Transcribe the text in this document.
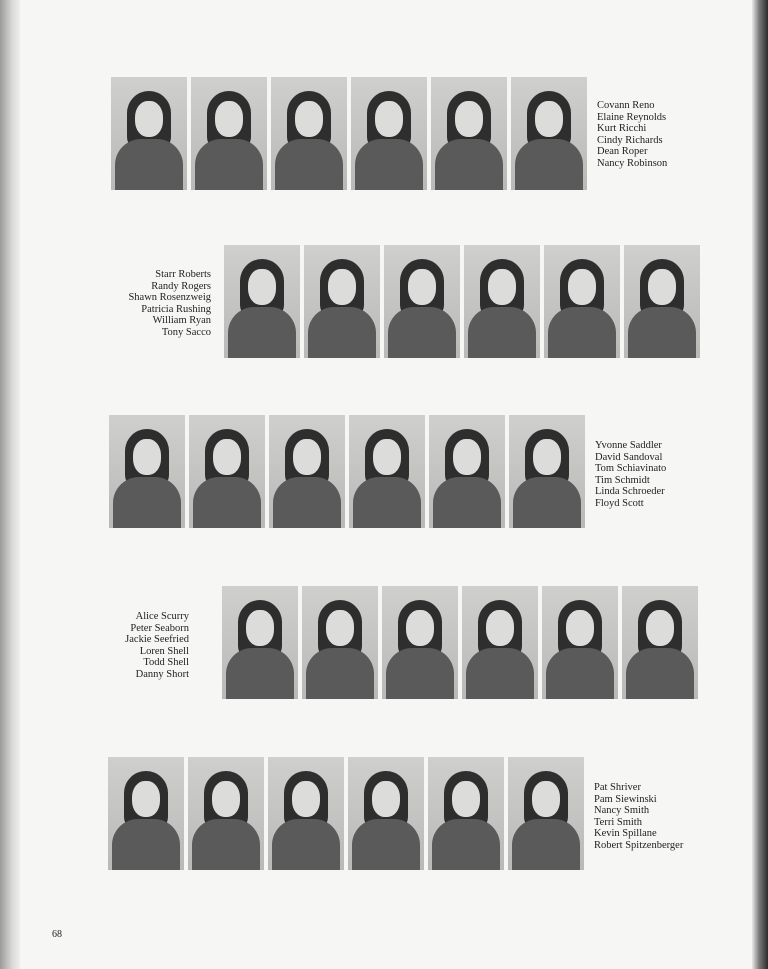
Covann Reno
Elaine Reynolds
Kurt Ricchi
Cindy Richards
Dean Roper
Nancy Robinson
Starr Roberts
Randy Rogers
Shawn Rosenzweig
Patricia Rushing
William Ryan
Tony Sacco
Yvonne Saddler
David Sandoval
Tom Schiavinato
Tim Schmidt
Linda Schroeder
Floyd Scott
Alice Scurry
Peter Seaborn
Jackie Seefried
Loren Shell
Todd Shell
Danny Short
Pat Shriver
Pam Siewinski
Nancy Smith
Terri Smith
Kevin Spillane
Robert Spitzenberger
68
